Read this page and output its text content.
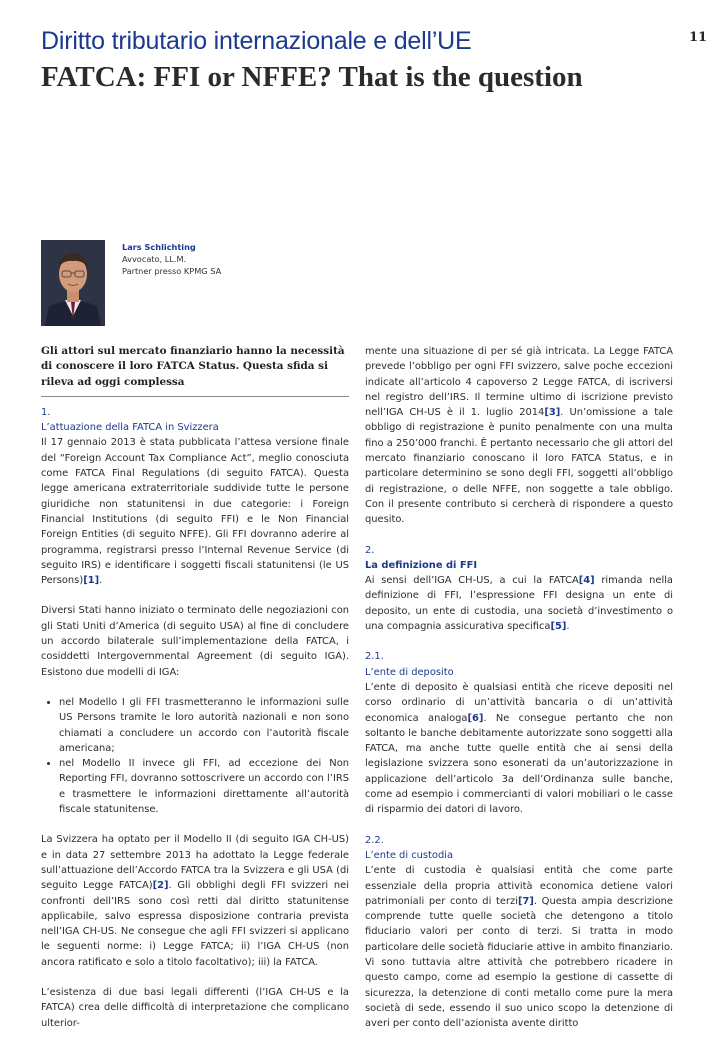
11
Diritto tributario internazionale e dell’UE
FATCA: FFI or NFFE? That is the question
Lars Schlichting
Avvocato, LL.M.
Partner presso KPMG SA
Gli attori sul mercato finanziario hanno la necessità di conoscere il loro FATCA Status. Questa sfida si rileva ad oggi complessa
1.
L’attuazione della FATCA in Svizzera

Il 17 gennaio 2013 è stata pubblicata l’attesa versione finale del “Foreign Account Tax Compliance Act”, meglio conosciuta come FATCA Final Regulations (di seguito FATCA). Questa legge americana extraterritoriale suddivide tutte le persone giuridiche non statunitensi in due categorie: i Foreign Financial Institutions (di seguito FFI) e le Non Financial Foreign Entities (di seguito NFFE). Gli FFI dovranno aderire al programma, registrarsi presso l’Internal Revenue Service (di seguito IRS) e identificare i soggetti fiscali statunitensi (le US Persons)[1].

Diversi Stati hanno iniziato o terminato delle negoziazioni con gli Stati Uniti d’America (di seguito USA) al fine di concludere un accordo bilaterale sull’implementazione della FATCA, i cosiddetti Intergovernmental Agreement (di seguito IGA). Esistono due modelli di IGA:

• nel Modello I gli FFI trasmetteranno le informazioni sulle US Persons tramite le loro autorità nazionali e non sono chiamati a concludere un accordo con l’autorità fiscale americana;
• nel Modello II invece gli FFI, ad eccezione dei Non Reporting FFI, dovranno sottoscrivere un accordo con l’IRS e trasmettere le informazioni direttamente all’autorità fiscale statunitense.

La Svizzera ha optato per il Modello II (di seguito IGA CH-US) e in data 27 settembre 2013 ha adottato la Legge federale sull’attuazione dell’Accordo FATCA tra la Svizzera e gli USA (di seguito Legge FATCA)[2]. Gli obblighi degli FFI svizzeri nei confronti dell’IRS sono così retti dal diritto statunitense applicabile, salvo espressa disposizione contraria prevista nell’IGA CH-US. Ne consegue che agli FFI svizzeri si applicano le seguenti norme: i) Legge FATCA; ii) l’IGA CH-US (non ancora ratificato e solo a titolo facoltativo); iii) la FATCA.

L’esistenza di due basi legali differenti (l’IGA CH-US e la FATCA) crea delle difficoltà di interpretazione che complicano ulterior-

mente una situazione di per sé già intricata. La Legge FATCA prevede l’obbligo per ogni FFI svizzero, salve poche eccezioni indicate all’articolo 4 capoverso 2 Legge FATCA, di iscriversi nel registro dell’IRS. Il termine ultimo di iscrizione previsto nell’IGA CH-US è il 1. luglio 2014[3]. Un’omissione a tale obbligo di registrazione è punito penalmente con una multa fino a 250’000 franchi. È pertanto necessario che gli attori del mercato finanziario conoscano il loro FATCA Status, e in particolare determinino se sono degli FFI, soggetti all’obbligo di registrazione, o delle NFFE, non soggette a tale obbligo. Con il presente contributo si cercherà di rispondere a questo quesito.

2.
La definizione di FFI

Ai sensi dell’IGA CH-US, a cui la FATCA[4] rimanda nella definizione di FFI, l’espressione FFI designa un ente di deposito, un ente di custodia, una società d’investimento o una compagnia assicurativa specifica[5].

2.1.
L’ente di deposito

L’ente di deposito è qualsiasi entità che riceve depositi nel corso ordinario di un’attività bancaria o di un’attività economica analoga[6]. Ne consegue pertanto che non soltanto le banche debitamente autorizzate sono soggetti alla FATCA, ma anche tutte quelle entità che ai sensi della legislazione svizzera sono esonerati da un’autorizzazione in applicazione dell’articolo 3a dell’Ordinanza sulle banche, come ad esempio i commercianti di valori mobiliari o le casse di risparmio dei datori di lavoro.

2.2.
L’ente di custodia

L’ente di custodia è qualsiasi entità che come parte essenziale della propria attività economica detiene valori patrimoniali per conto di terzi[7]. Questa ampia descrizione comprende tutte quelle società che detengono a titolo fiduciario valori per conto di terzi. Si tratta in modo particolare delle società fiduciarie attive in ambito finanziario. Vi sono tuttavia altre attività che potrebbero ricadere in questo campo, come ad esempio la gestione di cassette di sicurezza, la detenzione di conti metallo come pure la mera società di sede, essendo il suo unico scopo la detenzione di averi per conto dell’azionista avente diritto
